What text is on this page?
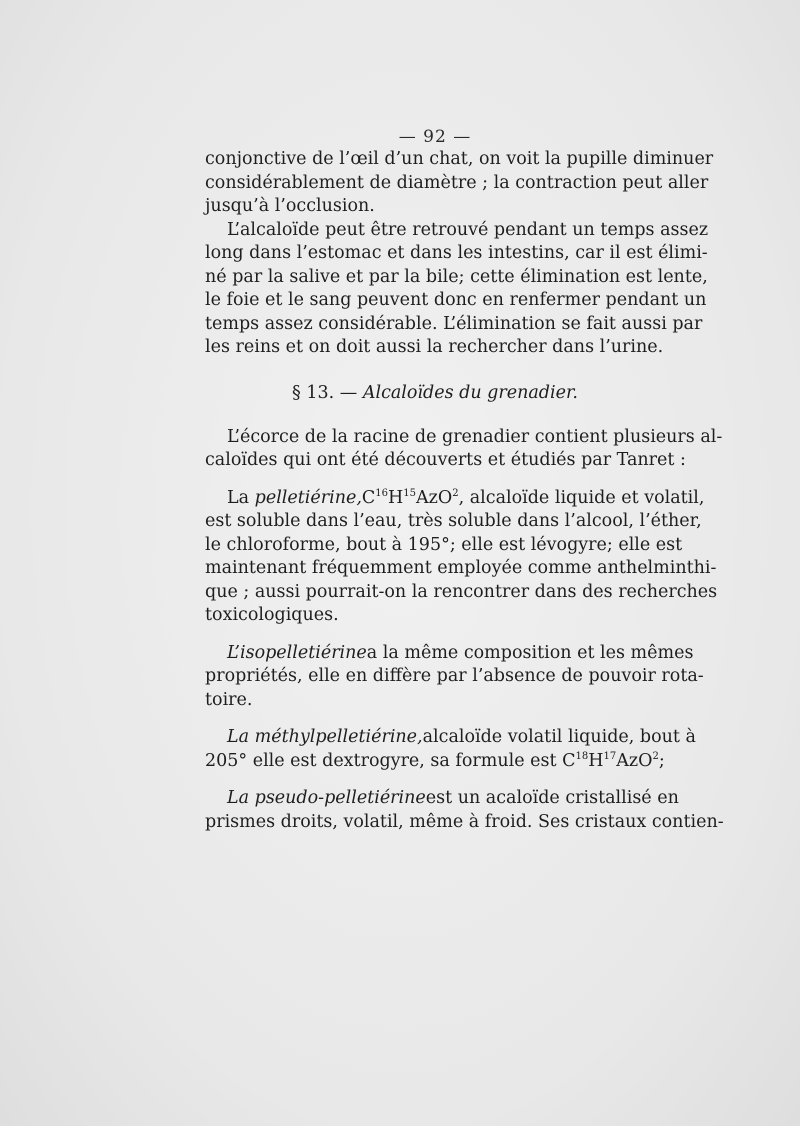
— 92 —
conjonctive de l’œil d’un chat, on voit la pupille diminuer
considérablement de diamètre ; la contraction peut aller
jusqu’à l’occlusion.
L’alcaloïde peut être retrouvé pendant un temps assez
long dans l’estomac et dans les intestins, car il est élimi-
né par la salive et par la bile; cette élimination est lente,
le foie et le sang peuvent donc en renfermer pendant un
temps assez considérable. L’élimination se fait aussi par
les reins et on doit aussi la rechercher dans l’urine.
§ 13. — Alcaloïdes du grenadier.
L’écorce de la racine de grenadier contient plusieurs al-
caloïdes qui ont été découverts et étudiés par Tanret :
La pelletiérine, $C^{16}H^{15}AzO^2$, alcaloïde liquide et volatil,
est soluble dans l’eau, très soluble dans l’alcool, l’éther,
le chloroforme, bout à 195°; elle est lévogyre; elle est
maintenant fréquemment employée comme anthelminthi-
que ; aussi pourrait-on la rencontrer dans des recherches
toxicologiques.
L’isopelletiérine a la même composition et les mêmes
propriétés, elle en diffère par l’absence de pouvoir rota-
toire.
La méthylpelletiérine, alcaloïde volatil liquide, bout à
205° elle est dextrogyre, sa formule est
$C^{18}H^{17}AzO^2$;
La pseudo-pelletiérine est un acaloïde cristallisé en
prismes droits, volatil, même à froid. Ses cristaux contien-
